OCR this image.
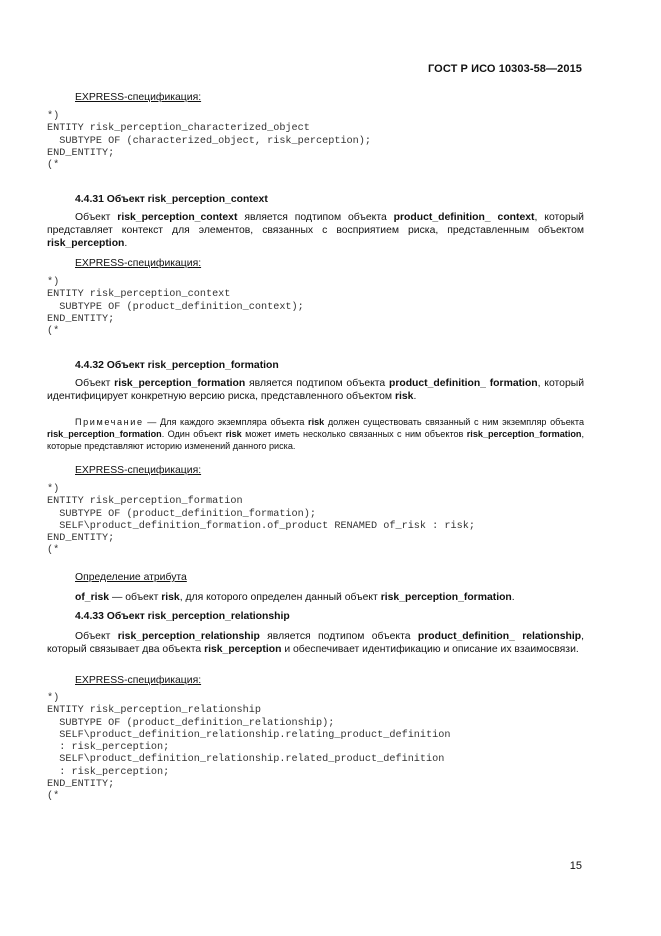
ГОСТ Р ИСО 10303-58—2015
EXPRESS-спецификация:
*)
ENTITY risk_perception_characterized_object
SUBTYPE OF (characterized_object, risk_perception);
END_ENTITY;
(*
4.4.31 Объект risk_perception_context
Объект risk_perception_context является подтипом объекта product_definition_ context, который представляет контекст для элементов, связанных с восприятием риска, представленным объектом risk_perception.
EXPRESS-спецификация:
*)
ENTITY risk_perception_context
SUBTYPE OF (product_definition_context);
END_ENTITY;
(*
4.4.32 Объект risk_perception_formation
Объект risk_perception_formation является подтипом объекта product_definition_ formation, который идентифицирует конкретную версию риска, представленного объектом risk.
Примечание — Для каждого экземпляра объекта risk должен существовать связанный с ним экземпляр объекта risk_perception_formation. Один объект risk может иметь несколько связанных с ним объектов risk_perception_formation, которые представляют историю изменений данного риска.
EXPRESS-спецификация:
*)
ENTITY risk_perception_formation
SUBTYPE OF (product_definition_formation);
SELF\product_definition_formation.of_product RENAMED of_risk : risk;
END_ENTITY;
(*
Определение атрибута
of_risk — объект risk, для которого определен данный объект risk_perception_formation.
4.4.33 Объект risk_perception_relationship
Объект risk_perception_relationship является подтипом объекта product_definition_ relationship, который связывает два объекта risk_perception и обеспечивает идентификацию и описание их взаимосвязи.
EXPRESS-спецификация:
*)
ENTITY risk_perception_relationship
SUBTYPE OF (product_definition_relationship);
SELF\product_definition_relationship.relating_product_definition
: risk_perception;
SELF\product_definition_relationship.related_product_definition
: risk_perception;
END_ENTITY;
(*
15
